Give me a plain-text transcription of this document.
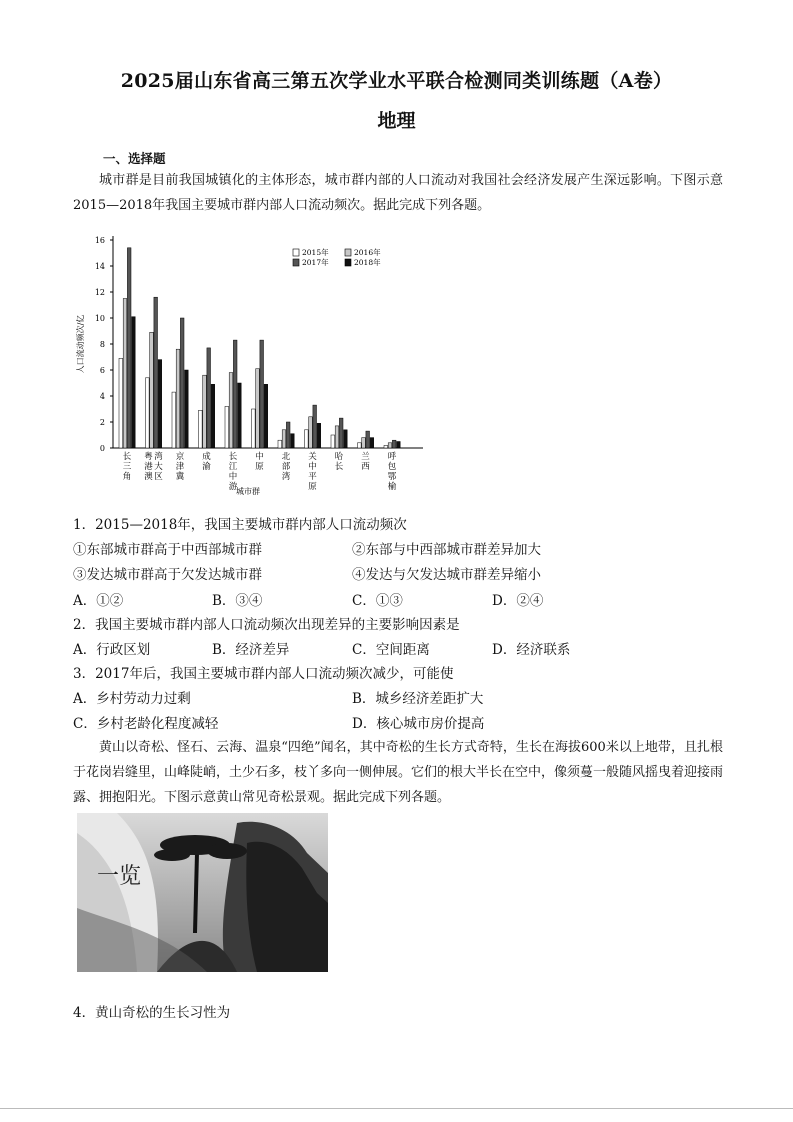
2025届山东省高三第五次学业水平联合检测同类训练题（A卷）
地理
一、选择题
城市群是目前我国城镇化的主体形态，城市群内部的人口流动对我国社会经济发展产生深远影响。下图示意2015—2018年我国主要城市群内部人口流动频次。据此完成下列各题。
0
2
4
6
8
10
12
14
16
人口流动频次/亿
长
三
角
粤
港
澳
湾
大
区
京
津
冀
成
渝
长
江
中
游
中
原
北
部
湾
关
中
平
原
哈
长
兰
西
呼
包
鄂
榆
城市群
2015年	2016年
2017年	2018年
1．2015—2018年，我国主要城市群内部人口流动频次
①东部城市群高于中西部城市群	②东部与中西部城市群差异加大
③发达城市群高于欠发达城市群	④发达与欠发达城市群差异缩小
A．①②	B．③④	C．①③	D．②④
2．我国主要城市群内部人口流动频次出现差异的主要影响因素是
A．行政区划	B．经济差异	C．空间距离	D．经济联系
3．2017年后，我国主要城市群内部人口流动频次减少，可能使
A．乡村劳动力过剩	B．城乡经济差距扩大
C．乡村老龄化程度减轻	D．核心城市房价提高
黄山以奇松、怪石、云海、温泉“四绝”闻名，其中奇松的生长方式奇特，生长在海拔600米以上地带，且扎根于花岗岩缝里，山峰陡峭，土少石多，枝丫多向一侧伸展。它们的根大半长在空中，像须蔓一般随风摇曳着迎接雨露、拥抱阳光。下图示意黄山常见奇松景观。据此完成下列各题。
一览
4．黄山奇松的生长习性为
